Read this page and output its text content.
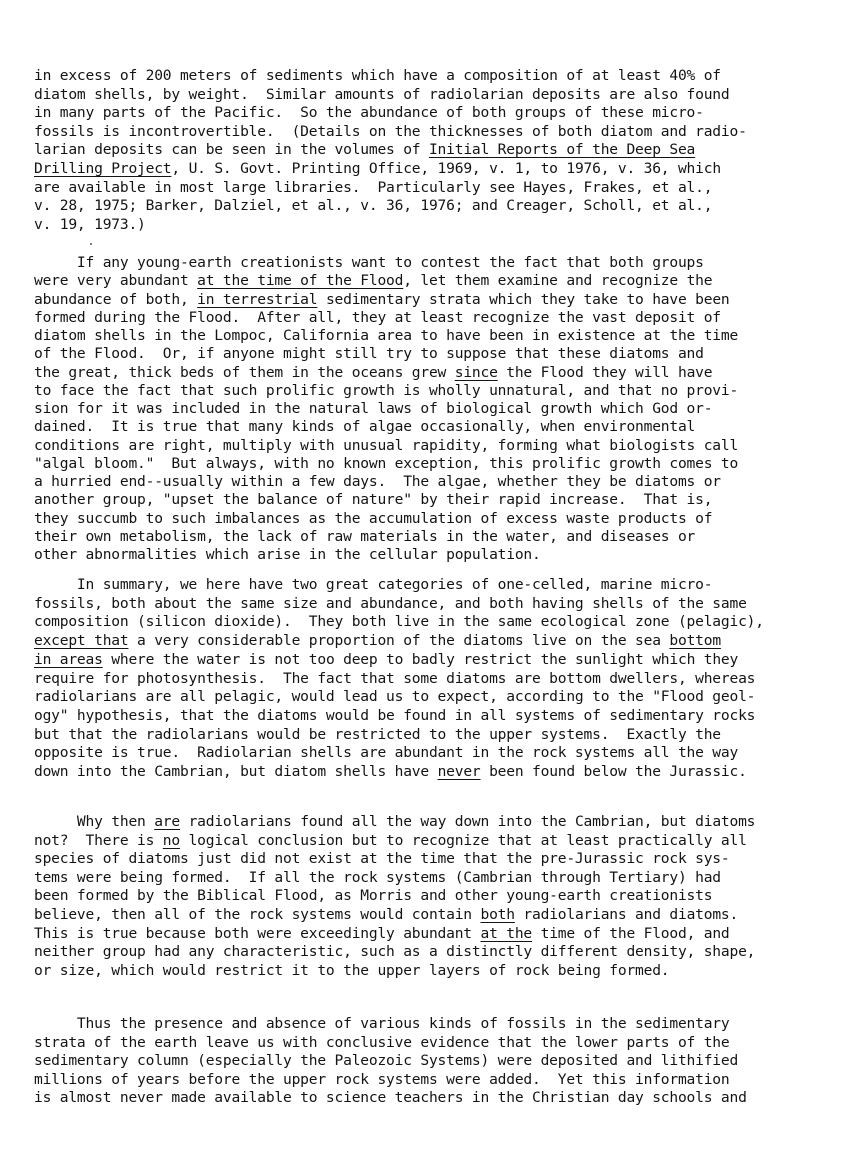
in excess of 200 meters of sediments which have a composition of at least 40% of
diatom shells, by weight.  Similar amounts of radiolarian deposits are also found
in many parts of the Pacific.  So the abundance of both groups of these micro-
fossils is incontrovertible.  (Details on the thicknesses of both diatom and radio-
larian deposits can be seen in the volumes of Initial Reports of the Deep Sea
Drilling Project, U. S. Govt. Printing Office, 1969, v. 1, to 1976, v. 36, which
are available in most large libraries.  Particularly see Hayes, Frakes, et al.,
v. 28, 1975; Barker, Dalziel, et al., v. 36, 1976; and Creager, Scholl, et al.,
v. 19, 1973.)
If any young-earth creationists want to contest the fact that both groups
were very abundant at the time of the Flood, let them examine and recognize the
abundance of both, in terrestrial sedimentary strata which they take to have been
formed during the Flood.  After all, they at least recognize the vast deposit of
diatom shells in the Lompoc, California area to have been in existence at the time
of the Flood.  Or, if anyone might still try to suppose that these diatoms and
the great, thick beds of them in the oceans grew since the Flood they will have
to face the fact that such prolific growth is wholly unnatural, and that no provi-
sion for it was included in the natural laws of biological growth which God or-
dained.  It is true that many kinds of algae occasionally, when environmental
conditions are right, multiply with unusual rapidity, forming what biologists call
"algal bloom."  But always, with no known exception, this prolific growth comes to
a hurried end--usually within a few days.  The algae, whether they be diatoms or
another group, "upset the balance of nature" by their rapid increase.  That is,
they succumb to such imbalances as the accumulation of excess waste products of
their own metabolism, the lack of raw materials in the water, and diseases or
other abnormalities which arise in the cellular population.
In summary, we here have two great categories of one-celled, marine micro-
fossils, both about the same size and abundance, and both having shells of the same
composition (silicon dioxide).  They both live in the same ecological zone (pelagic),
except that a very considerable proportion of the diatoms live on the sea bottom
in areas where the water is not too deep to badly restrict the sunlight which they
require for photosynthesis.  The fact that some diatoms are bottom dwellers, whereas
radiolarians are all pelagic, would lead us to expect, according to the "Flood geol-
ogy" hypothesis, that the diatoms would be found in all systems of sedimentary rocks
but that the radiolarians would be restricted to the upper systems.  Exactly the
opposite is true.  Radiolarian shells are abundant in the rock systems all the way
down into the Cambrian, but diatom shells have never been found below the Jurassic.
Why then are radiolarians found all the way down into the Cambrian, but diatoms
not?  There is no logical conclusion but to recognize that at least practically all
species of diatoms just did not exist at the time that the pre-Jurassic rock sys-
tems were being formed.  If all the rock systems (Cambrian through Tertiary) had
been formed by the Biblical Flood, as Morris and other young-earth creationists
believe, then all of the rock systems would contain both radiolarians and diatoms.
This is true because both were exceedingly abundant at the time of the Flood, and
neither group had any characteristic, such as a distinctly different density, shape,
or size, which would restrict it to the upper layers of rock being formed.
Thus the presence and absence of various kinds of fossils in the sedimentary
strata of the earth leave us with conclusive evidence that the lower parts of the
sedimentary column (especially the Paleozoic Systems) were deposited and lithified
millions of years before the upper rock systems were added.  Yet this information
is almost never made available to science teachers in the Christian day schools and
